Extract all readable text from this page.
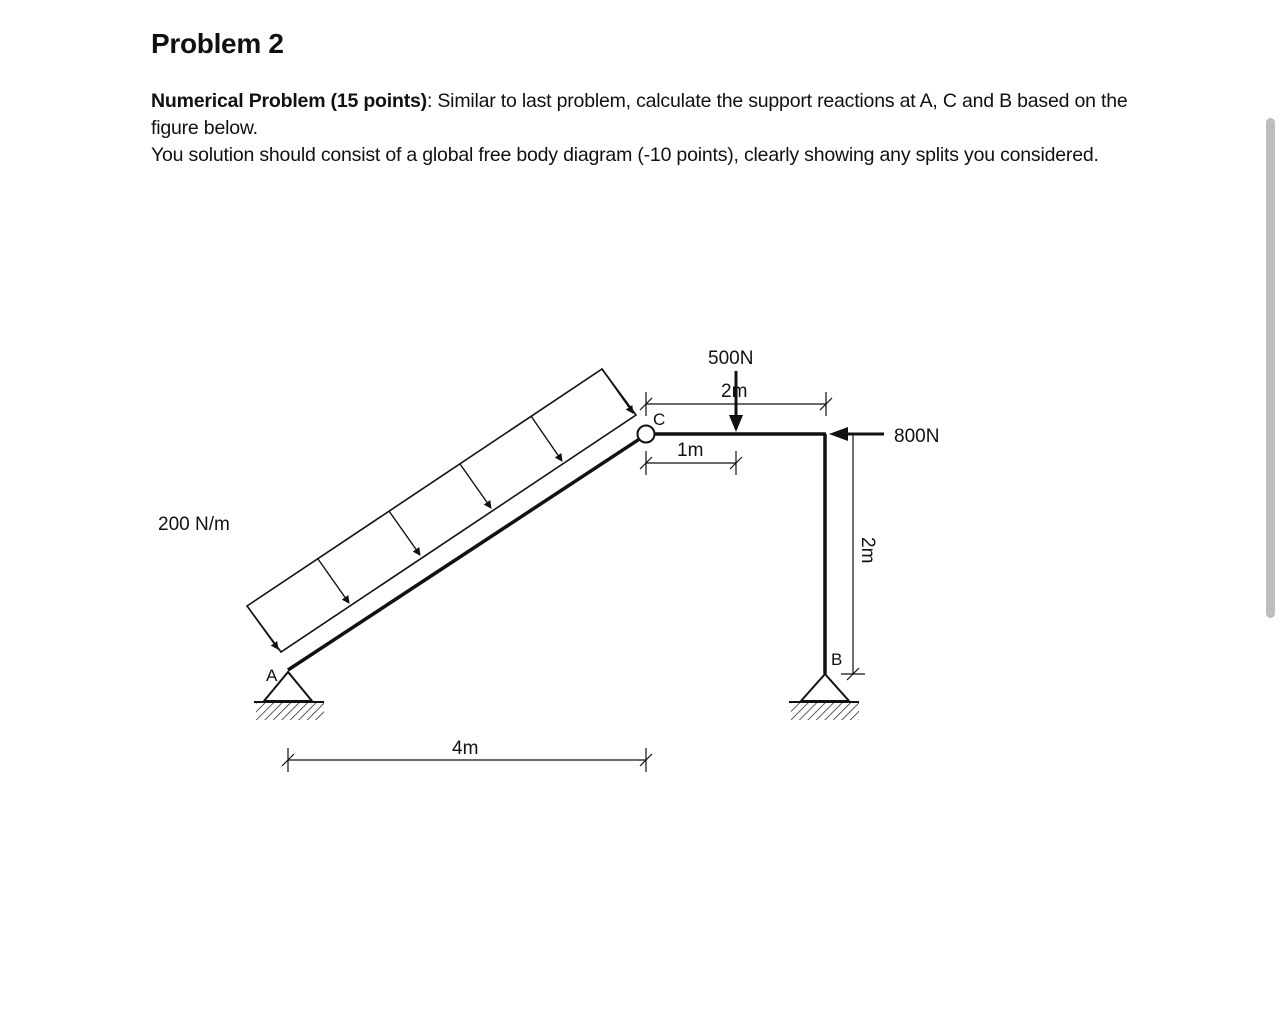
Problem 2
Numerical Problem (15 points): Similar to last problem, calculate the support reactions at A, C and B based on the figure below.
You solution should consist of a global free body diagram (-10 points), clearly showing any splits you considered.
200 N/m
C
A
B
500N
800N
2m
1m
2m
4m
